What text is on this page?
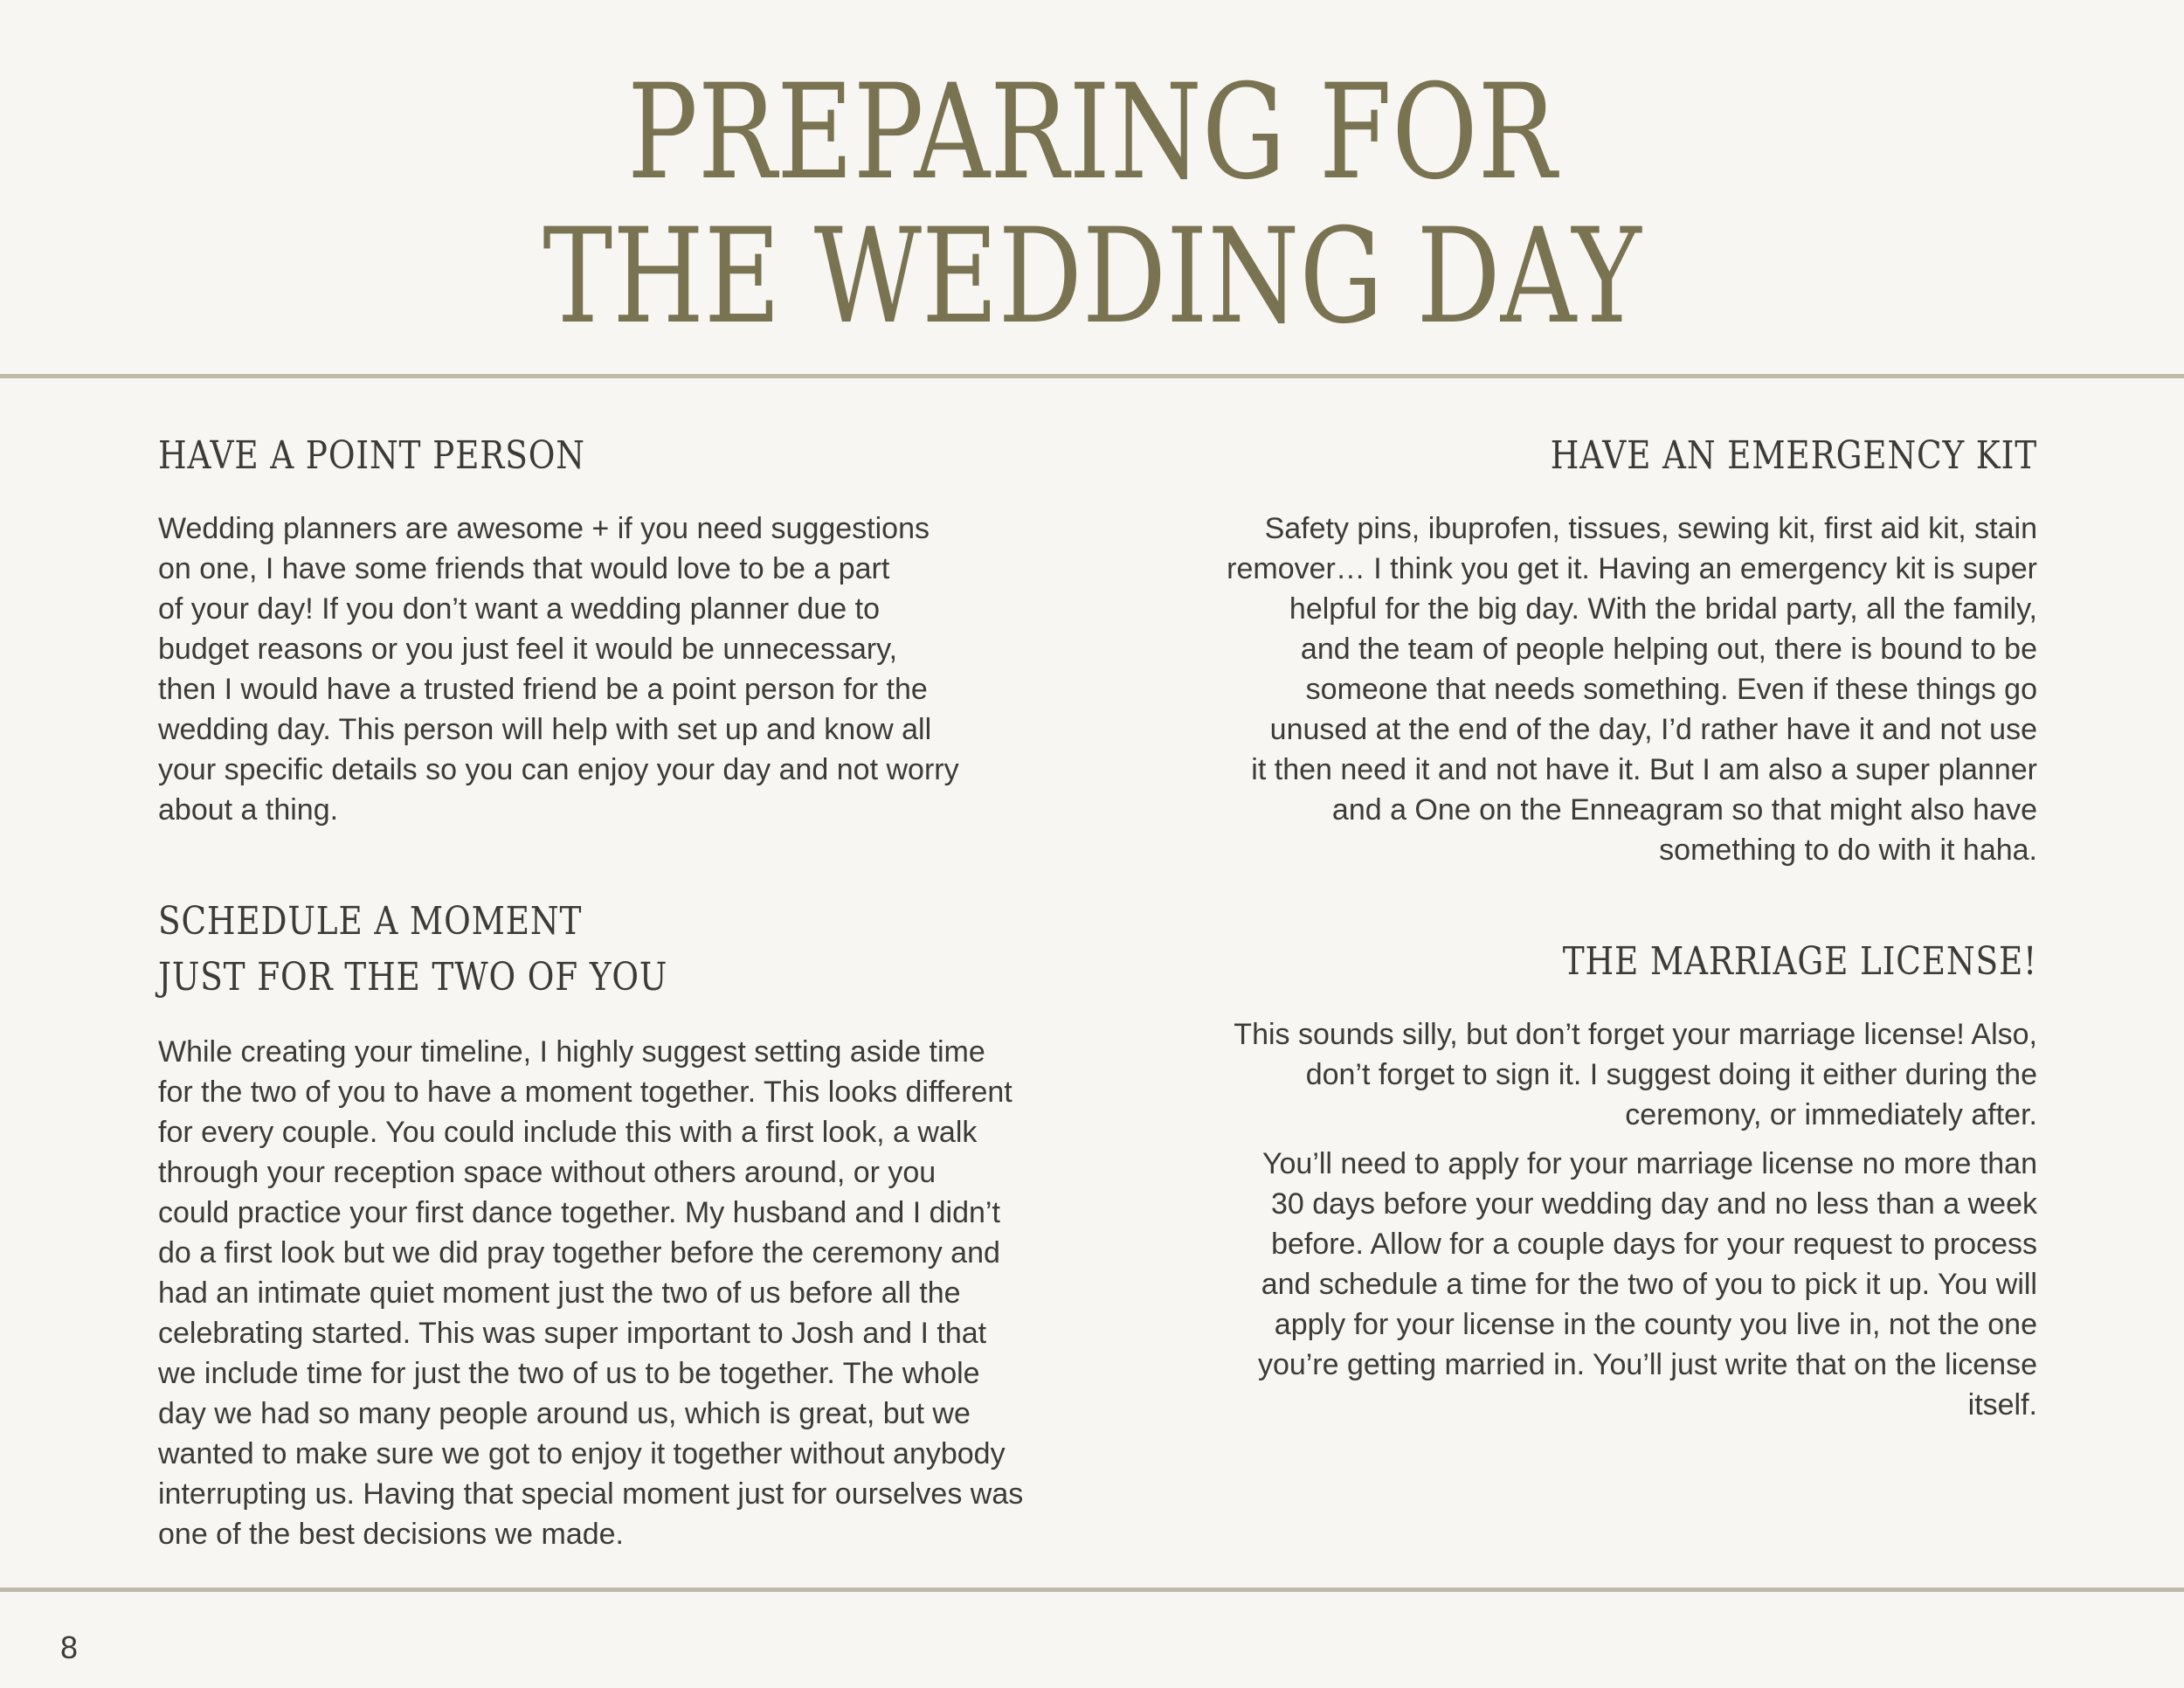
PREPARING FOR
THE WEDDING DAY
HAVE A POINT PERSON

Wedding planners are awesome + if you need suggestions
on one, I have some friends that would love to be a part
of your day! If you don’t want a wedding planner due to
budget reasons or you just feel it would be unnecessary,
then I would have a trusted friend be a point person for the
wedding day. This person will help with set up and know all
your specific details so you can enjoy your day and not worry
about a thing.

SCHEDULE A MOMENT
JUST FOR THE TWO OF YOU

While creating your timeline, I highly suggest setting aside time
for the two of you to have a moment together. This looks different
for every couple. You could include this with a first look, a walk
through your reception space without others around, or you
could practice your first dance together. My husband and I didn’t
do a first look but we did pray together before the ceremony and
had an intimate quiet moment just the two of us before all the
celebrating started. This was super important to Josh and I that
we include time for just the two of us to be together. The whole
day we had so many people around us, which is great, but we
wanted to make sure we got to enjoy it together without anybody
interrupting us. Having that special moment just for ourselves was
one of the best decisions we made.

HAVE AN EMERGENCY KIT

Safety pins, ibuprofen, tissues, sewing kit, first aid kit, stain
remover… I think you get it. Having an emergency kit is super
helpful for the big day. With the bridal party, all the family,
and the team of people helping out, there is bound to be
someone that needs something. Even if these things go
unused at the end of the day, I’d rather have it and not use
it then need it and not have it. But I am also a super planner
and a One on the Enneagram so that might also have
something to do with it haha.

THE MARRIAGE LICENSE!

This sounds silly, but don’t forget your marriage license! Also,
don’t forget to sign it. I suggest doing it either during the
ceremony, or immediately after.

You’ll need to apply for your marriage license no more than
30 days before your wedding day and no less than a week
before. Allow for a couple days for your request to process
and schedule a time for the two of you to pick it up. You will
apply for your license in the county you live in, not the one
you’re getting married in. You’ll just write that on the license
itself.

8
